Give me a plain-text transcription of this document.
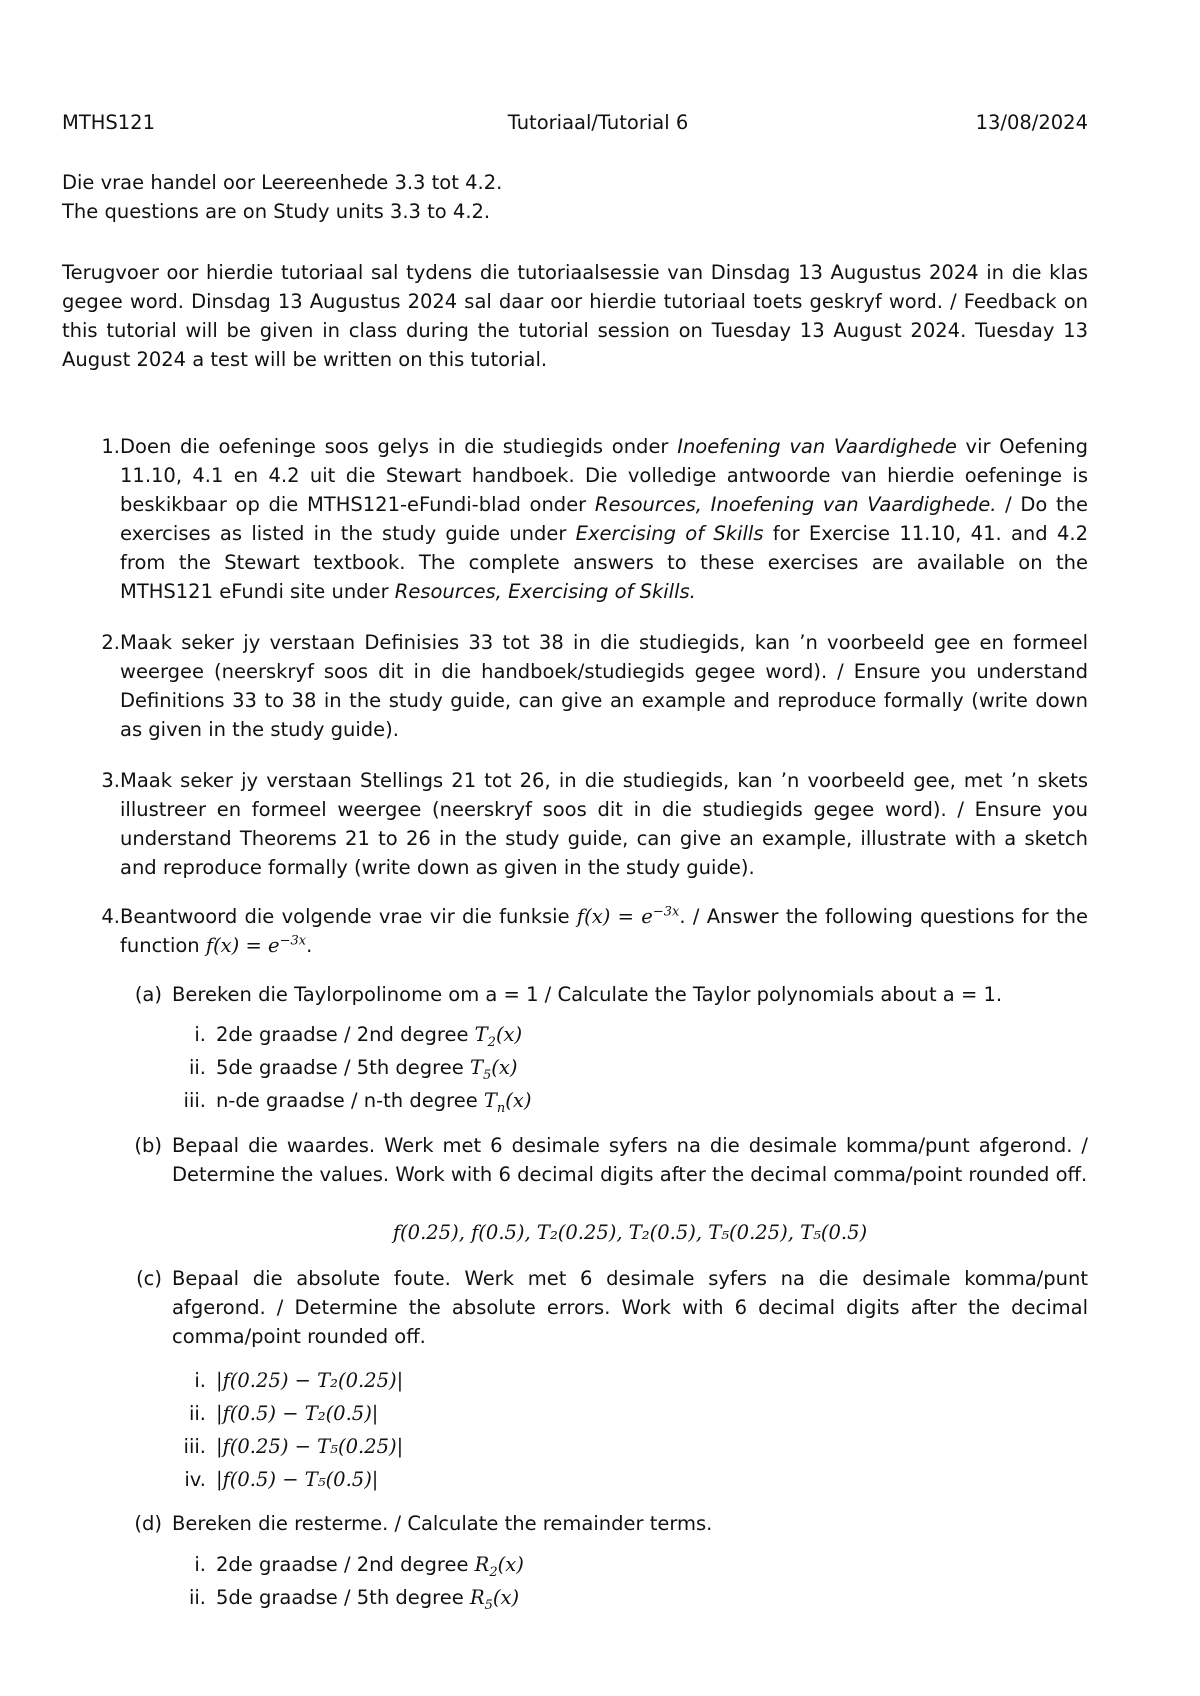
MTHS121	Tutoriaal/Tutorial 6	13/08/2024
Die vrae handel oor Leereenhede 3.3 tot 4.2.
The questions are on Study units 3.3 to 4.2.
Terugvoer oor hierdie tutoriaal sal tydens die tutoriaalsessie van Dinsdag 13 Augustus 2024 in die klas gegee word. Dinsdag 13 Augustus 2024 sal daar oor hierdie tutoriaal toets geskryf word. / Feedback on this tutorial will be given in class during the tutorial session on Tuesday 13 August 2024. Tuesday 13 August 2024 a test will be written on this tutorial.
1. Doen die oefeninge soos gelys in die studiegids onder Inoefening van Vaardighede vir Oefening 11.10, 4.1 en 4.2 uit die Stewart handboek. Die volledige antwoorde van hierdie oefeninge is beskikbaar op die MTHS121-eFundi-blad onder Resources, Inoefening van Vaardighede. / Do the exercises as listed in the study guide under Exercising of Skills for Exercise 11.10, 41. and 4.2 from the Stewart textbook. The complete answers to these exercises are available on the MTHS121 eFundi site under Resources, Exercising of Skills.

2. Maak seker jy verstaan Definisies 33 tot 38 in die studiegids, kan ’n voorbeeld gee en formeel weergee (neerskryf soos dit in die handboek/studiegids gegee word). / Ensure you understand Definitions 33 to 38 in the study guide, can give an example and reproduce formally (write down as given in the study guide).

3. Maak seker jy verstaan Stellings 21 tot 26, in die studiegids, kan ’n voorbeeld gee, met ’n skets illustreer en formeel weergee (neerskryf soos dit in die studiegids gegee word). / Ensure you understand Theorems 21 to 26 in the study guide, can give an example, illustrate with a sketch and reproduce formally (write down as given in the study guide).

4. Beantwoord die volgende vrae vir die funksie $f(x) = e^{-3x}$. / Answer the following questions for the function $f(x) = e^{-3x}$.

(a) Bereken die Taylorpolinome om a = 1 / Calculate the Taylor polynomials about a = 1.
i. 2de graadse / 2nd degree $T_2(x)$
ii. 5de graadse / 5th degree $T_5(x)$
iii. n-de graadse / n-th degree $T_n(x)$
(b) Bepaal die waardes. Werk met 6 desimale syfers na die desimale komma/punt afgerond. / Determine the values. Work with 6 decimal digits after the decimal comma/point rounded off.
f(0.25), f(0.5), T₂(0.25), T₂(0.5), T₅(0.25), T₅(0.5)
(c) Bepaal die absolute foute. Werk met 6 desimale syfers na die desimale komma/punt afgerond. / Determine the absolute errors. Work with 6 decimal digits after the decimal comma/point rounded off.
i. |f(0.25) − T₂(0.25)|
ii. |f(0.5) − T₂(0.5)|
iii. |f(0.25) − T₅(0.25)|
iv. |f(0.5) − T₅(0.5)|
(d) Bereken die resterme. / Calculate the remainder terms.
i. 2de graadse / 2nd degree $R_2(x)$
ii. 5de graadse / 5th degree $R_5(x)$
